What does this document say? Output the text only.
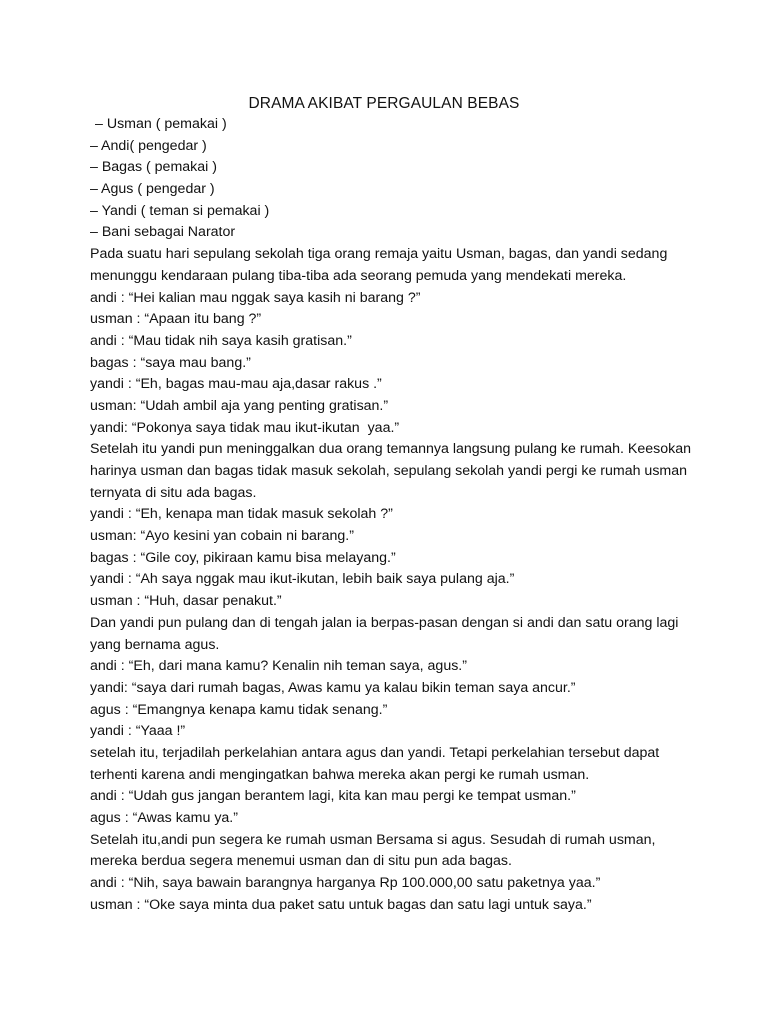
DRAMA AKIBAT PERGAULAN BEBAS
– Usman ( pemakai )
– Andi( pengedar )
– Bagas ( pemakai )
– Agus ( pengedar )
– Yandi ( teman si pemakai )
– Bani sebagai Narator
Pada suatu hari sepulang sekolah tiga orang remaja yaitu Usman, bagas, dan yandi sedang
menunggu kendaraan pulang tiba-tiba ada seorang pemuda yang mendekati mereka.
andi : “Hei kalian mau nggak saya kasih ni barang ?”
usman : “Apaan itu bang ?”
andi : “Mau tidak nih saya kasih gratisan.”
bagas : “saya mau bang.”
yandi : “Eh, bagas mau-mau aja,dasar rakus .”
usman: “Udah ambil aja yang penting gratisan.”
yandi: “Pokonya saya tidak mau ikut-ikutan  yaa.”
Setelah itu yandi pun meninggalkan dua orang temannya langsung pulang ke rumah. Keesokan
harinya usman dan bagas tidak masuk sekolah, sepulang sekolah yandi pergi ke rumah usman
ternyata di situ ada bagas.
yandi : “Eh, kenapa man tidak masuk sekolah ?”
usman: “Ayo kesini yan cobain ni barang.”
bagas : “Gile coy, pikiraan kamu bisa melayang.”
yandi : “Ah saya nggak mau ikut-ikutan, lebih baik saya pulang aja.”
usman : “Huh, dasar penakut.”
Dan yandi pun pulang dan di tengah jalan ia berpas-pasan dengan si andi dan satu orang lagi
yang bernama agus.
andi : “Eh, dari mana kamu? Kenalin nih teman saya, agus.”
yandi: “saya dari rumah bagas, Awas kamu ya kalau bikin teman saya ancur.”
agus : “Emangnya kenapa kamu tidak senang.”
yandi : “Yaaa !”
setelah itu, terjadilah perkelahian antara agus dan yandi. Tetapi perkelahian tersebut dapat
terhenti karena andi mengingatkan bahwa mereka akan pergi ke rumah usman.
andi : “Udah gus jangan berantem lagi, kita kan mau pergi ke tempat usman.”
agus : “Awas kamu ya.”
Setelah itu,andi pun segera ke rumah usman Bersama si agus. Sesudah di rumah usman,
mereka berdua segera menemui usman dan di situ pun ada bagas.
andi : “Nih, saya bawain barangnya harganya Rp 100.000,00 satu paketnya yaa.”
usman : “Oke saya minta dua paket satu untuk bagas dan satu lagi untuk saya.”
